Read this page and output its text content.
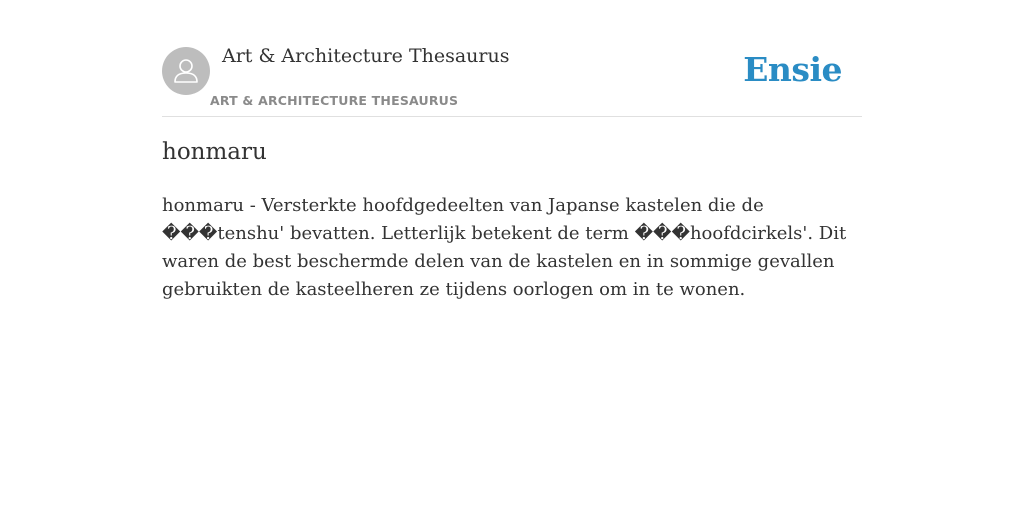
Art & Architecture Thesaurus
ART & ARCHITECTURE THESAURUS
Ensie
honmaru

honmaru - Versterkte hoofdgedeelten van Japanse kastelen die de ���tenshu' bevatten. Letterlijk betekent de term ���hoofdcirkels'. Dit waren de best beschermde delen van de kastelen en in sommige gevallen gebruikten de kasteelheren ze tijdens oorlogen om in te wonen.
